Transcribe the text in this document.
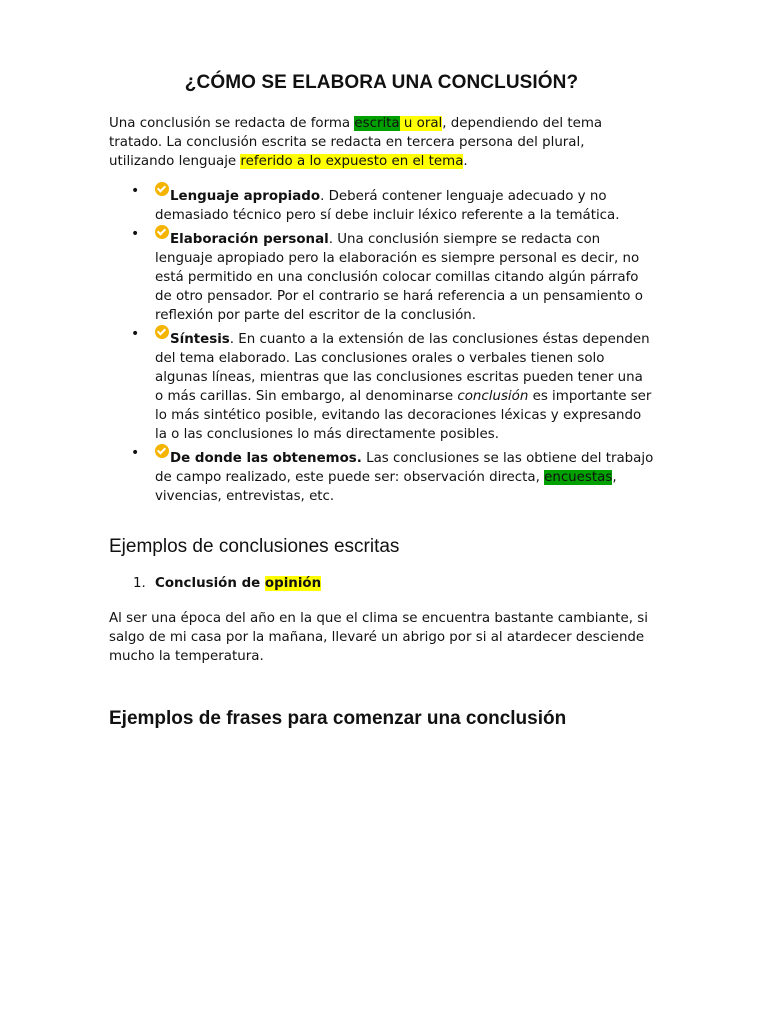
¿CÓMO SE ELABORA UNA CONCLUSIÓN?

Una conclusión se redacta de forma escrita u oral, dependiendo del tema tratado. La conclusión escrita se redacta en tercera persona del plural, utilizando lenguaje referido a lo expuesto en el tema.

• Lenguaje apropiado. Deberá contener lenguaje adecuado y no demasiado técnico pero sí debe incluir léxico referente a la temática.
• Elaboración personal. Una conclusión siempre se redacta con lenguaje apropiado pero la elaboración es siempre personal es decir, no está permitido en una conclusión colocar comillas citando algún párrafo de otro pensador. Por el contrario se hará referencia a un pensamiento o reflexión por parte del escritor de la conclusión.
• Síntesis. En cuanto a la extensión de las conclusiones éstas dependen del tema elaborado. Las conclusiones orales o verbales tienen solo algunas líneas, mientras que las conclusiones escritas pueden tener una o más carillas. Sin embargo, al denominarse conclusión es importante ser lo más sintético posible, evitando las decoraciones léxicas y expresando la o las conclusiones lo más directamente posibles.
• De donde las obtenemos. Las conclusiones se las obtiene del trabajo de campo realizado, este puede ser: observación directa, encuestas, vivencias, entrevistas, etc.
Ejemplos de conclusiones escritas
1. Conclusión de opinión

Al ser una época del año en la que el clima se encuentra bastante cambiante, si salgo de mi casa por la mañana, llevaré un abrigo por si al atardecer desciende mucho la temperatura.

Ejemplos de frases para comenzar una conclusión
